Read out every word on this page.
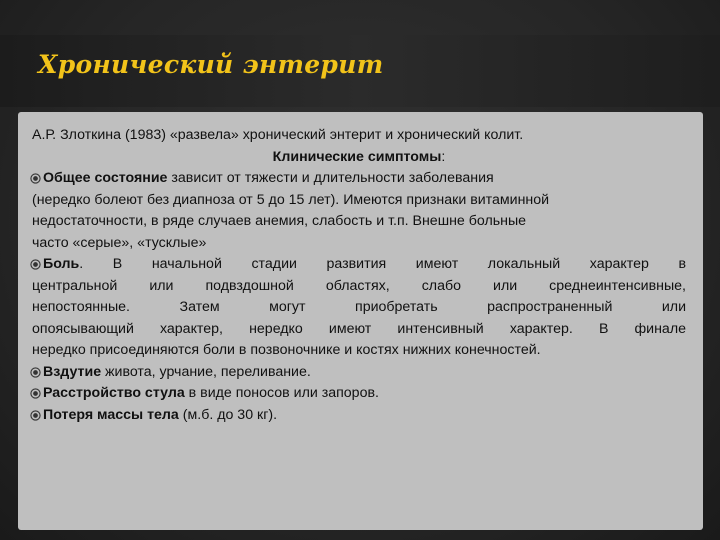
Хронический энтерит
А.Р. Злоткина (1983) «развела» хронический энтерит и хронический колит.
Клинические симптомы:
Общее состояние зависит от тяжести и длительности заболевания
(нередко болеют без диапноза от 5 до 15 лет). Имеются признаки витаминной
недостаточности, в ряде случаев анемия, слабость и т.п. Внешне больные
часто «серые», «тусклые»
Боль. В начальной стадии развития имеют локальный характер в
центральной или подвздошной областях, слабо или среднеинтенсивные,
непостоянные. Затем могут приобретать распространенный или
опоясывающий характер, нередко имеют интенсивный характер. В финале
нередко присоединяются боли в позвоночнике и костях нижних конечностей.
Вздутие живота, урчание, переливание.
Расстройство стула в виде поносов или запоров.
Потеря массы тела (м.б. до 30 кг).
